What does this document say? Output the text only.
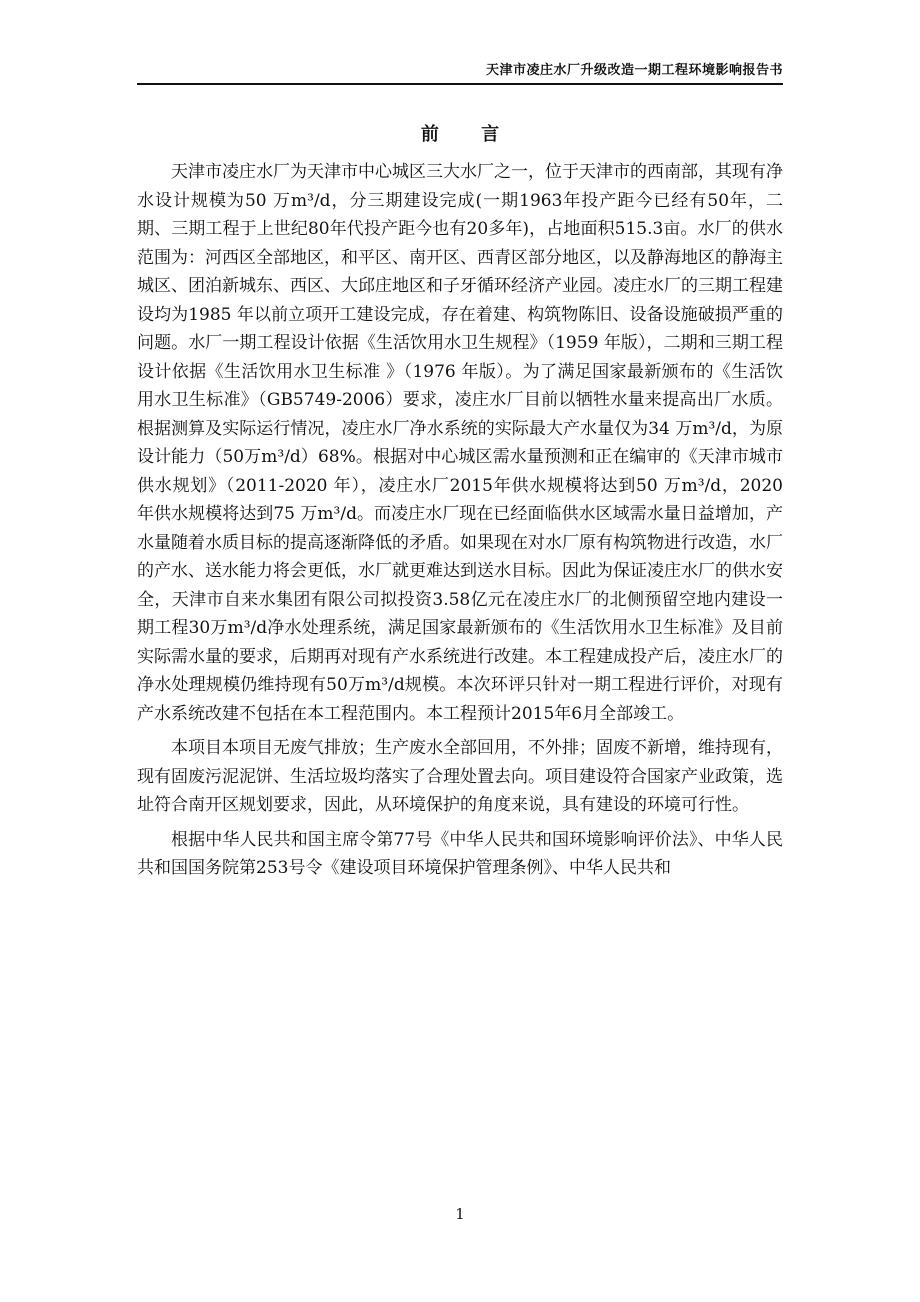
天津市凌庄水厂升级改造一期工程环境影响报告书
前 言

天津市凌庄水厂为天津市中心城区三大水厂之一，位于天津市的西南部，其现有净水设计规模为50 万m³/d，分三期建设完成(一期1963年投产距今已经有50年，二期、三期工程于上世纪80年代投产距今也有20多年)，占地面积515.3亩。水厂的供水范围为：河西区全部地区，和平区、南开区、西青区部分地区，以及静海地区的静海主城区、团泊新城东、西区、大邱庄地区和子牙循环经济产业园。凌庄水厂的三期工程建设均为1985 年以前立项开工建设完成，存在着建、构筑物陈旧、设备设施破损严重的问题。水厂一期工程设计依据《生活饮用水卫生规程》（1959 年版），二期和三期工程设计依据《生活饮用水卫生标准 》（1976 年版）。为了满足国家最新颁布的《生活饮用水卫生标准》（GB5749-2006）要求，凌庄水厂目前以牺牲水量来提高出厂水质。根据测算及实际运行情况，凌庄水厂净水系统的实际最大产水量仅为34 万m³/d，为原设计能力（50万m³/d）68%。根据对中心城区需水量预测和正在编审的《天津市城市供水规划》（2011-2020 年），凌庄水厂2015年供水规模将达到50 万m³/d，2020 年供水规模将达到75 万m³/d。而凌庄水厂现在已经面临供水区域需水量日益增加，产水量随着水质目标的提高逐渐降低的矛盾。如果现在对水厂原有构筑物进行改造，水厂的产水、送水能力将会更低，水厂就更难达到送水目标。因此为保证凌庄水厂的供水安全，天津市自来水集团有限公司拟投资3.58亿元在凌庄水厂的北侧预留空地内建设一期工程30万m³/d净水处理系统，满足国家最新颁布的《生活饮用水卫生标准》及目前实际需水量的要求，后期再对现有产水系统进行改建。本工程建成投产后，凌庄水厂的净水处理规模仍维持现有50万m³/d规模。本次环评只针对一期工程进行评价，对现有产水系统改建不包括在本工程范围内。本工程预计2015年6月全部竣工。

本项目本项目无废气排放；生产废水全部回用，不外排；固废不新增，维持现有，现有固废污泥泥饼、生活垃圾均落实了合理处置去向。项目建设符合国家产业政策，选址符合南开区规划要求，因此，从环境保护的角度来说，具有建设的环境可行性。

根据中华人民共和国主席令第77号《中华人民共和国环境影响评价法》、中华人民共和国国务院第253号令《建设项目环境保护管理条例》、中华人民共和

1
